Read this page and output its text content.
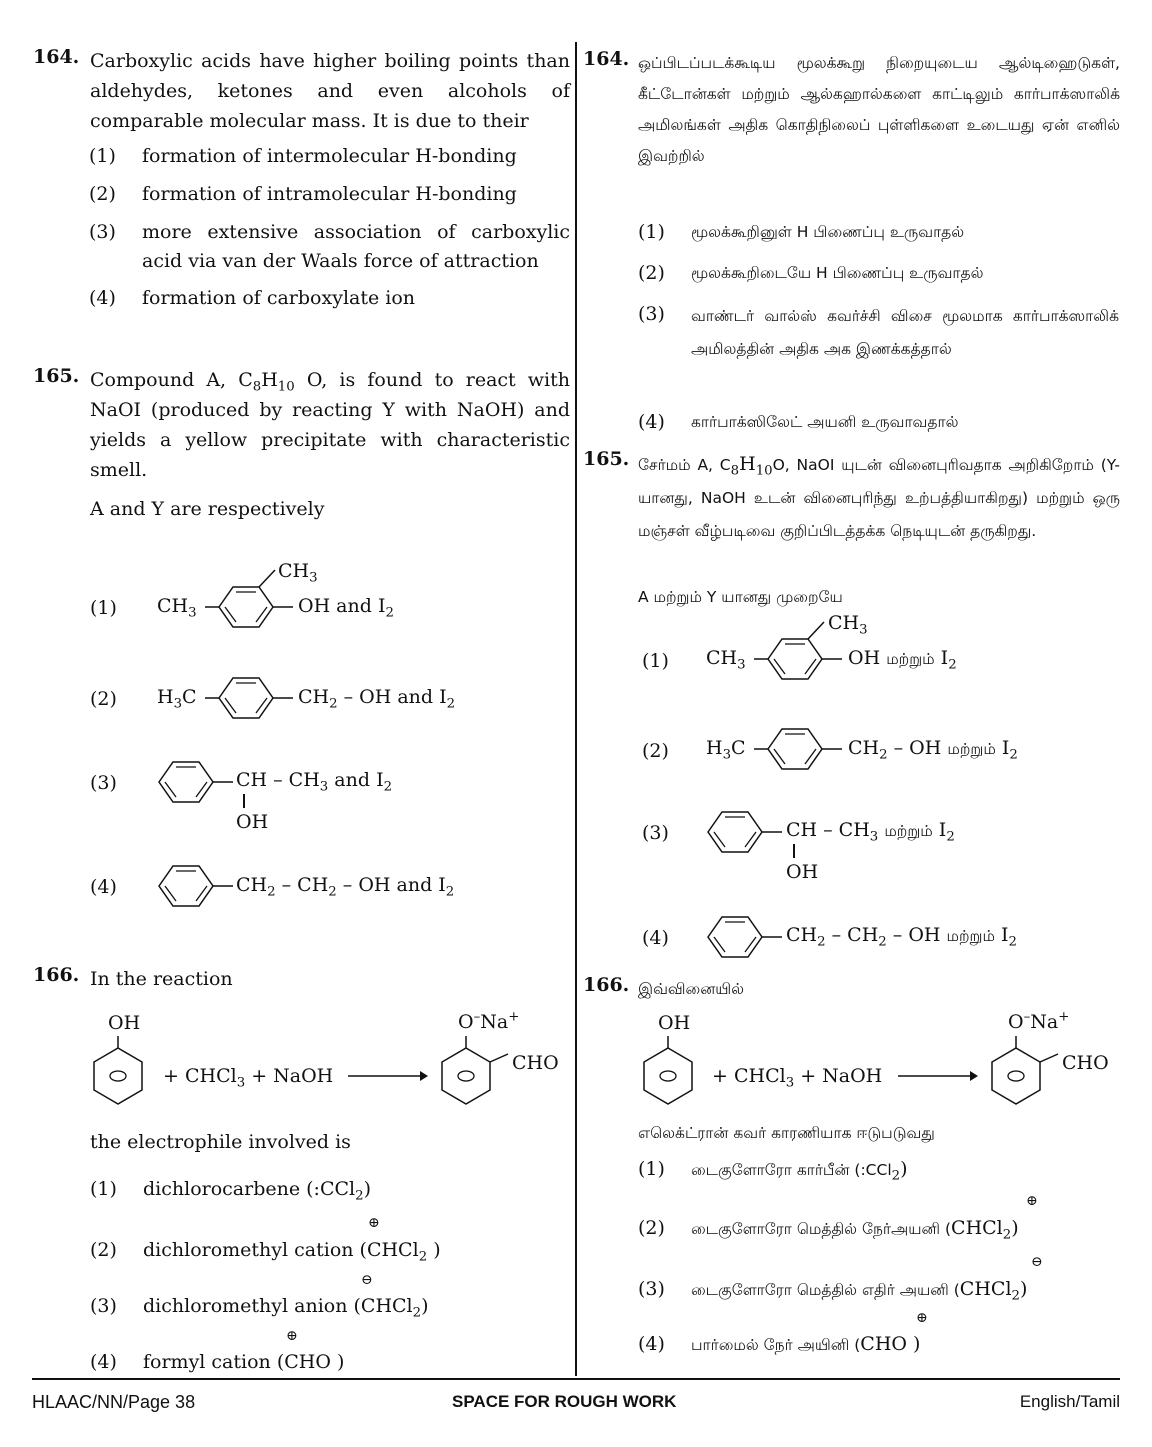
164. Carboxylic acids have higher boiling points than aldehydes, ketones and even alcohols of comparable molecular mass. It is due to their
(1) formation of intermolecular H-bonding
(2) formation of intramolecular H-bonding
(3) more extensive association of carboxylic acid via van der Waals force of attraction
(4) formation of carboxylate ion
165. Compound A, $C_8H_{10}$ O, is found to react with NaOI (produced by reacting Y with NaOH) and yields a yellow precipitate with characteristic smell.
A and Y are respectively
(1) $CH_3$
$CH_3$
OH and $I_2$
(2) $H_3C$	$CH_2$ – OH and $I_2$
(3)	CH – $CH_3$ and $I_2$
OH
(4)	$CH_2 - CH_2$ – OH and $I_2$
166. In the reaction
OH
+ CHCl$_3$ + NaOH
O–Na+
CHO
the electrophile involved is
(1) dichlorocarbene (:CCl$_2$)
(2) dichloromethyl cation (CHCl$_2$ )
⊕
(3) dichloromethyl anion (CHCl$_2$)
⊖
(4) formyl cation (CHO )
⊕
164. ஒப்பிடப்படக்கூடிய மூலக்கூறு நிறையுடைய ஆல்டிஹைடுகள், கீட்டோன்கள் மற்றும் ஆல்கஹால்களை காட்டிலும் கார்பாக்ஸாலிக் அமிலங்கள் அதிக கொதிநிலைப் புள்ளிகளை உடையது ஏன் எனில் இவற்றில்
(1) மூலக்கூறினுள் H பிணைப்பு உருவாதல்
(2) மூலக்கூறிடையே H பிணைப்பு உருவாதல்
(3) வாண்டர் வால்ஸ் கவர்ச்சி விசை மூலமாக கார்பாக்ஸாலிக் அமிலத்தின் அதிக அக இணக்கத்தால்
(4) கார்பாக்ஸிலேட் அயனி உருவாவதால்
165. சேர்மம் A, $C_8H_{10}O$, NaOI யுடன் வினைபுரிவதாக அறிகிறோம் (Y-யானது, NaOH உடன் வினைபுரிந்து உற்பத்தியாகிறது) மற்றும் ஒரு மஞ்சள் வீழ்படிவை குறிப்பிடத்தக்க நெடியுடன் தருகிறது.
A மற்றும் Y யானது முறையே
(1) $CH_3$
$CH_3$
OH மற்றும் $I_2$
(2) $H_3C$	$CH_2$ – OH மற்றும் $I_2$
(3)	CH – $CH_3$ மற்றும் $I_2$
OH
(4)	$CH_2 - CH_2$ – OH மற்றும் $I_2$
166. இவ்வினையில்
OH
+ CHCl$_3$ + NaOH
O–Na+
CHO
எலெக்ட்ரான் கவர் காரணியாக ஈடுபடுவது
(1) டைகுளோரோ கார்பீன் (:CCl$_2$)
(2) டைகுளோரோ மெத்தில் நேர்அயனி (CHCl$_2$)
⊕
(3) டைகுளோரோ மெத்தில் எதிர் அயனி (CHCl$_2$)
⊖
(4) பார்மைல் நேர் அயினி (CHO )
⊕
HLAAC/NN/Page 38	SPACE FOR ROUGH WORK	English/Tamil
